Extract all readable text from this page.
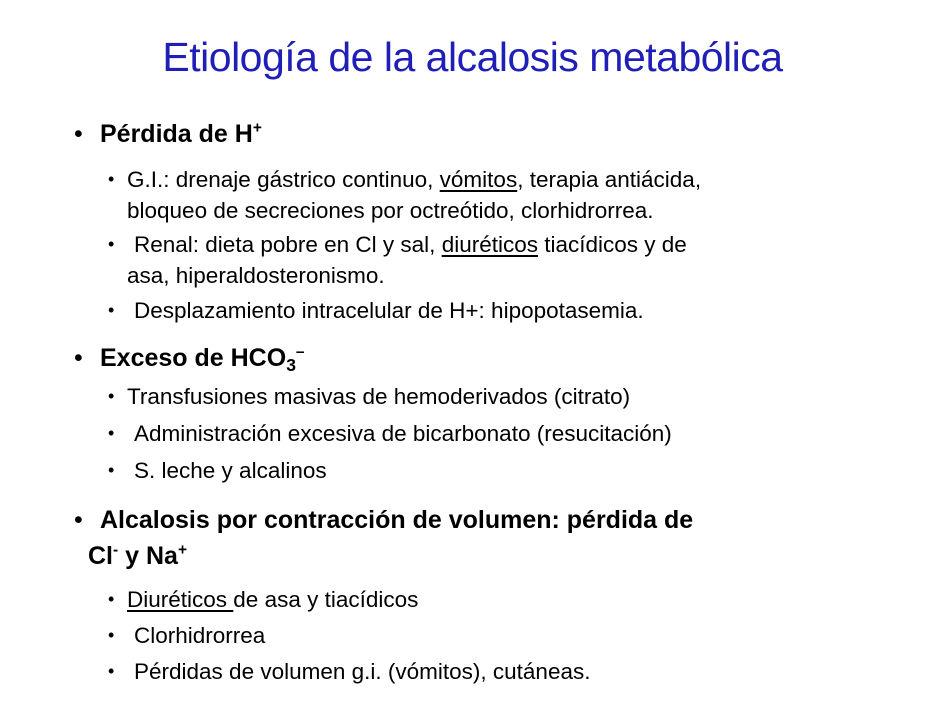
Etiología de la alcalosis metabólica
• Pérdida de H+
• G.I.: drenaje gástrico continuo, vómitos, terapia antiácida,
bloqueo de secreciones por octreótido, clorhidrorrea.
• Renal: dieta pobre en Cl y sal, diuréticos tiacídicos y de
asa, hiperaldosteronismo.
• Desplazamiento intracelular de H+: hipopotasemia.
• Exceso de $HCO_3^-$
• Transfusiones masivas de hemoderivados (citrato)
• Administración excesiva de bicarbonato (resucitación)
• S. leche y alcalinos
• Alcalosis por contracción de volumen: pérdida de
Cl- y Na+
• Diuréticos de asa y tiacídicos
• Clorhidrorrea
• Pérdidas de volumen g.i. (vómitos), cutáneas.
